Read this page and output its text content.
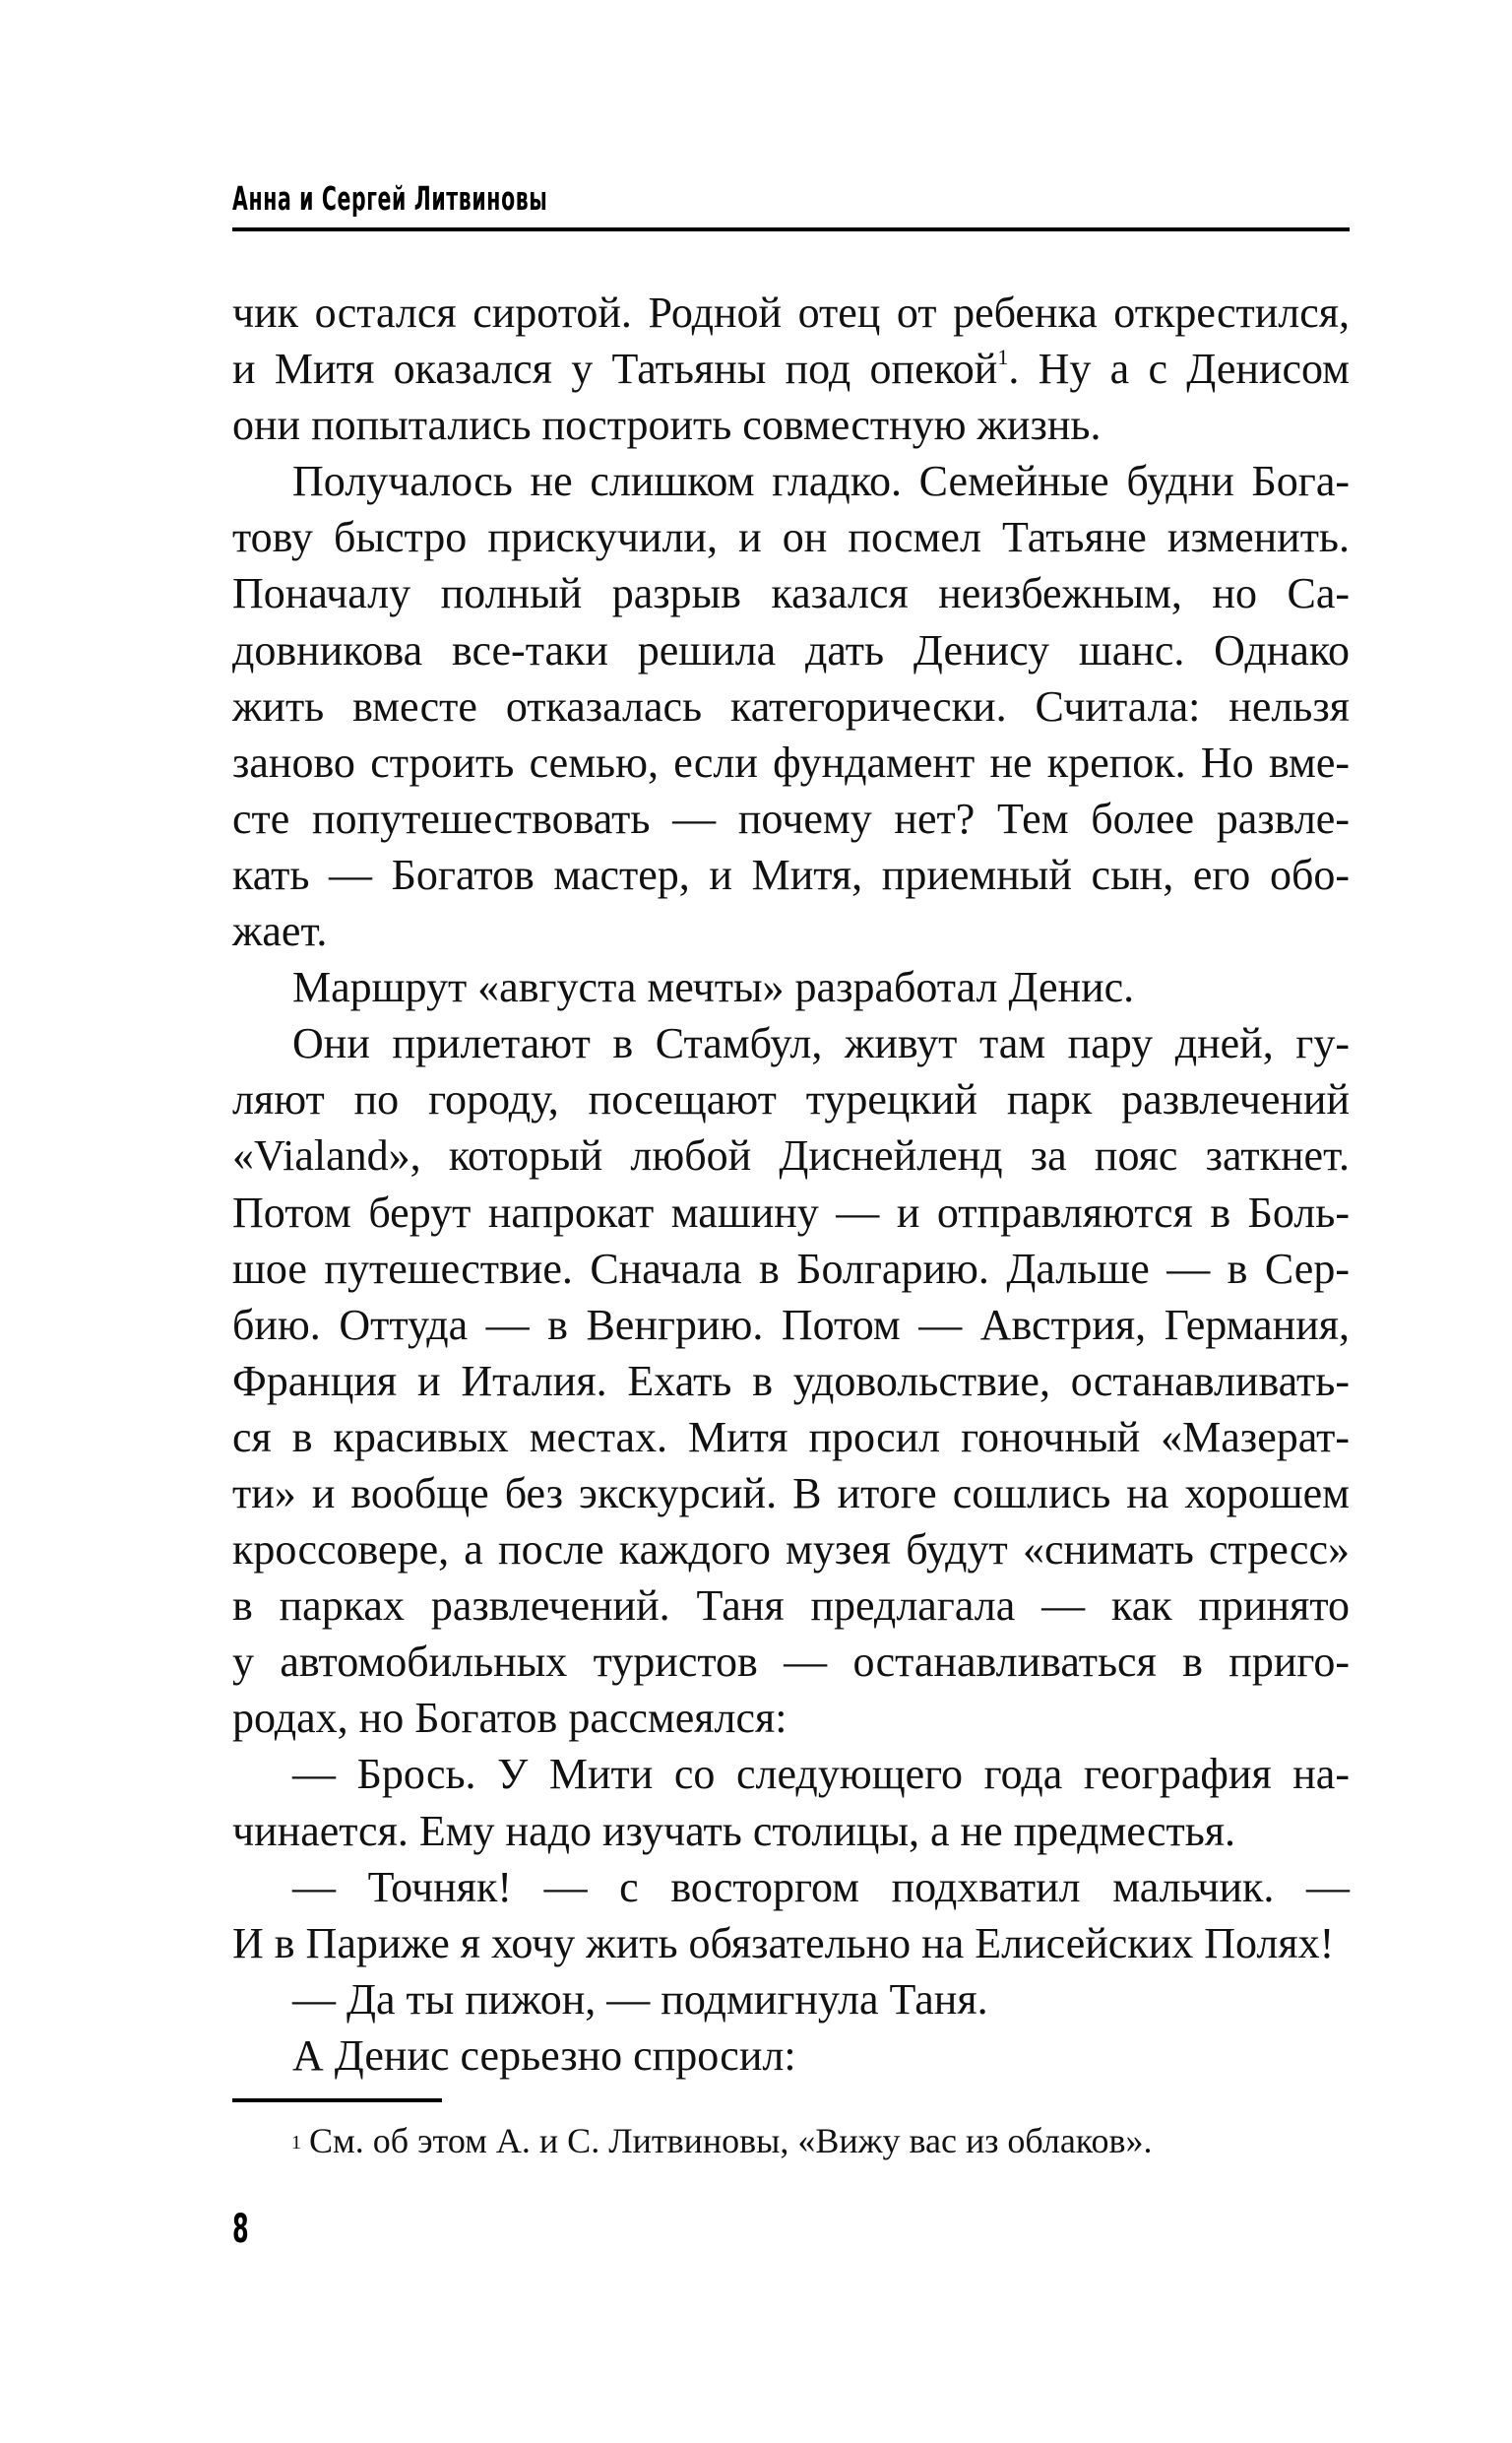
Анна и Сергей Литвиновы
чик остался сиротой. Родной отец от ребенка открестился,
и Митя оказался у Татьяны под опекой$^1$. Ну а с Денисом
они попытались построить совместную жизнь.
Получалось не слишком гладко. Семейные будни Бога-
тову быстро прискучили, и он посмел Татьяне изменить.
Поначалу полный разрыв казался неизбежным, но Са-
довникова все-таки решила дать Денису шанс. Однако
жить вместе отказалась категорически. Считала: нельзя
заново строить семью, если фундамент не крепок. Но вме-
сте попутешествовать — почему нет? Тем более развле-
кать — Богатов мастер, и Митя, приемный сын, его обо-
жает.
Маршрут «августа мечты» разработал Денис.
Они прилетают в Стамбул, живут там пару дней, гу-
ляют по городу, посещают турецкий парк развлечений
«Vialand», который любой Диснейленд за пояс заткнет.
Потом берут напрокат машину — и отправляются в Боль-
шое путешествие. Сначала в Болгарию. Дальше — в Сер-
бию. Оттуда — в Венгрию. Потом — Австрия, Германия,
Франция и Италия. Ехать в удовольствие, останавливать-
ся в красивых местах. Митя просил гоночный «Мазерат-
ти» и вообще без экскурсий. В итоге сошлись на хорошем
кроссовере, а после каждого музея будут «снимать стресс»
в парках развлечений. Таня предлагала — как принято
у автомобильных туристов — останавливаться в приго-
родах, но Богатов рассмеялся:
— Брось. У Мити со следующего года география на-
чинается. Ему надо изучать столицы, а не предместья.
— Точняк! — с восторгом подхватил мальчик. —
И в Париже я хочу жить обязательно на Елисейских Полях!
— Да ты пижон, — подмигнула Таня.
А Денис серьезно спросил:
$^1$ См. об этом А. и С. Литвиновы, «Вижу вас из облаков».
8
